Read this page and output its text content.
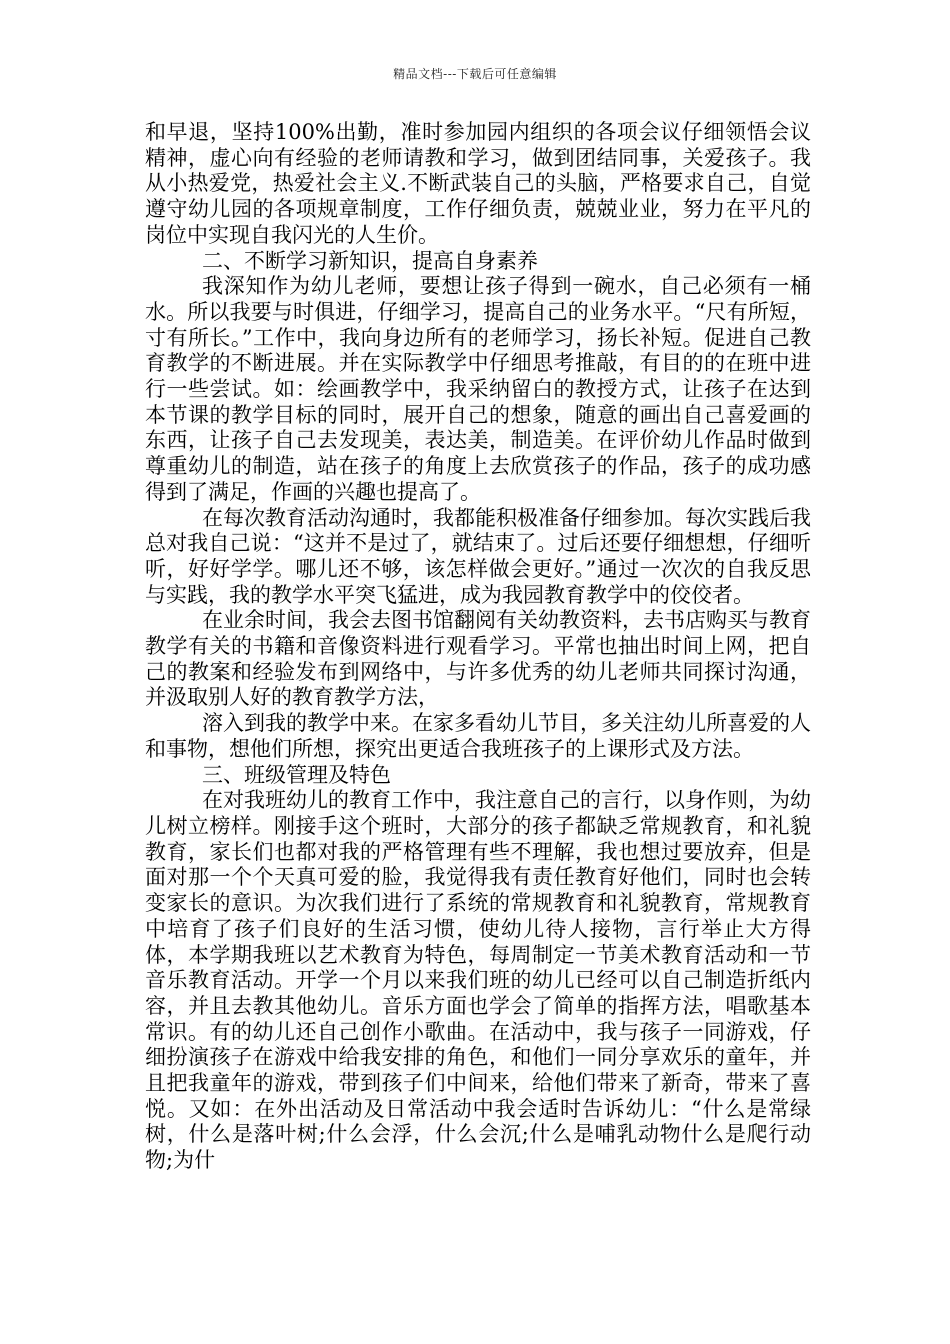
精品文档---下载后可任意编辑

和早退，坚持100%出勤，准时参加园内组织的各项会议仔细领悟会议精神，虚心向有经验的老师请教和学习，做到团结同事，关爱孩子。我从小热爱党，热爱社会主义.不断武装自己的头脑，严格要求自己，自觉遵守幼儿园的各项规章制度，工作仔细负责，兢兢业业，努力在平凡的岗位中实现自我闪光的人生价。

二、不断学习新知识，提高自身素养

我深知作为幼儿老师，要想让孩子得到一碗水，自己必须有一桶水。所以我要与时俱进，仔细学习，提高自己的业务水平。“尺有所短，寸有所长。”工作中，我向身边所有的老师学习，扬长补短。促进自己教育教学的不断进展。并在实际教学中仔细思考推敲，有目的的在班中进行一些尝试。如：绘画教学中，我采纳留白的教授方式，让孩子在达到本节课的教学目标的同时，展开自己的想象，随意的画出自己喜爱画的东西，让孩子自己去发现美，表达美，制造美。在评价幼儿作品时做到尊重幼儿的制造，站在孩子的角度上去欣赏孩子的作品，孩子的成功感得到了满足，作画的兴趣也提高了。

在每次教育活动沟通时，我都能积极准备仔细参加。每次实践后我总对我自己说：“这并不是过了，就结束了。过后还要仔细想想，仔细听听，好好学学。哪儿还不够，该怎样做会更好。”通过一次次的自我反思与实践，我的教学水平突飞猛进，成为我园教育教学中的佼佼者。

在业余时间，我会去图书馆翻阅有关幼教资料，去书店购买与教育教学有关的书籍和音像资料进行观看学习。平常也抽出时间上网，把自己的教案和经验发布到网络中，与许多优秀的幼儿老师共同探讨沟通，并汲取别人好的教育教学方法，

溶入到我的教学中来。在家多看幼儿节目，多关注幼儿所喜爱的人和事物，想他们所想，探究出更适合我班孩子的上课形式及方法。

三、班级管理及特色

在对我班幼儿的教育工作中，我注意自己的言行，以身作则，为幼儿树立榜样。刚接手这个班时，大部分的孩子都缺乏常规教育，和礼貌教育，家长们也都对我的严格管理有些不理解，我也想过要放弃，但是面对那一个个天真可爱的脸，我觉得我有责任教育好他们，同时也会转变家长的意识。为次我们进行了系统的常规教育和礼貌教育，常规教育中培育了孩子们良好的生活习惯，使幼儿待人接物，言行举止大方得体，本学期我班以艺术教育为特色，每周制定一节美术教育活动和一节音乐教育活动。开学一个月以来我们班的幼儿已经可以自己制造折纸内容，并且去教其他幼儿。音乐方面也学会了简单的指挥方法，唱歌基本常识。有的幼儿还自己创作小歌曲。在活动中，我与孩子一同游戏，仔细扮演孩子在游戏中给我安排的角色，和他们一同分享欢乐的童年，并且把我童年的游戏，带到孩子们中间来，给他们带来了新奇，带来了喜悦。又如：在外出活动及日常活动中我会适时告诉幼儿：“什么是常绿树，什么是落叶树;什么会浮，什么会沉;什么是哺乳动物什么是爬行动物;为什
